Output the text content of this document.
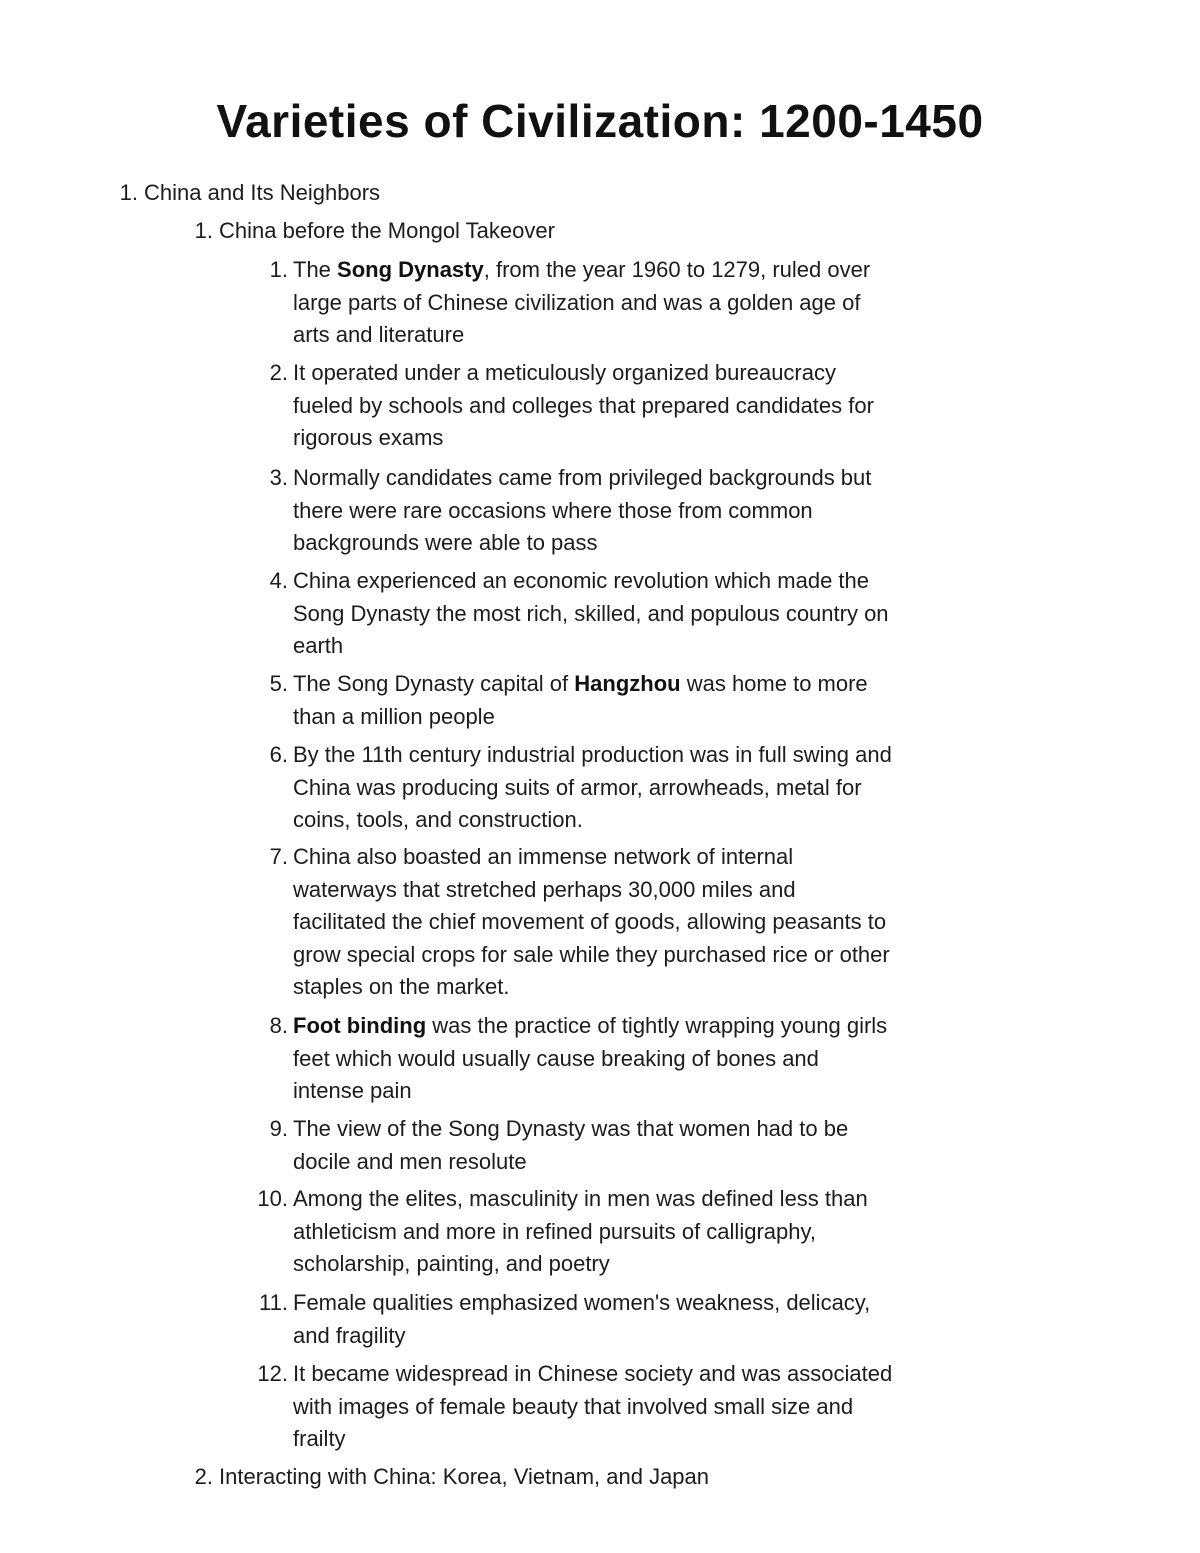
Varieties of Civilization: 1200-1450
1. China and Its Neighbors
1. China before the Mongol Takeover
1. The Song Dynasty, from the year 1960 to 1279, ruled over large parts of Chinese civilization and was a golden age of arts and literature
2. It operated under a meticulously organized bureaucracy fueled by schools and colleges that prepared candidates for rigorous exams
3. Normally candidates came from privileged backgrounds but there were rare occasions where those from common backgrounds were able to pass
4. China experienced an economic revolution which made the Song Dynasty the most rich, skilled, and populous country on earth
5. The Song Dynasty capital of Hangzhou was home to more than a million people
6. By the 11th century industrial production was in full swing and China was producing suits of armor, arrowheads, metal for coins, tools, and construction.
7. China also boasted an immense network of internal waterways that stretched perhaps 30,000 miles and facilitated the chief movement of goods, allowing peasants to grow special crops for sale while they purchased rice or other staples on the market.
8. Foot binding was the practice of tightly wrapping young girls feet which would usually cause breaking of bones and intense pain
9. The view of the Song Dynasty was that women had to be docile and men resolute
10. Among the elites, masculinity in men was defined less than athleticism and more in refined pursuits of calligraphy, scholarship, painting, and poetry
11. Female qualities emphasized women's weakness, delicacy, and fragility
12. It became widespread in Chinese society and was associated with images of female beauty that involved small size and frailty
2. Interacting with China: Korea, Vietnam, and Japan
